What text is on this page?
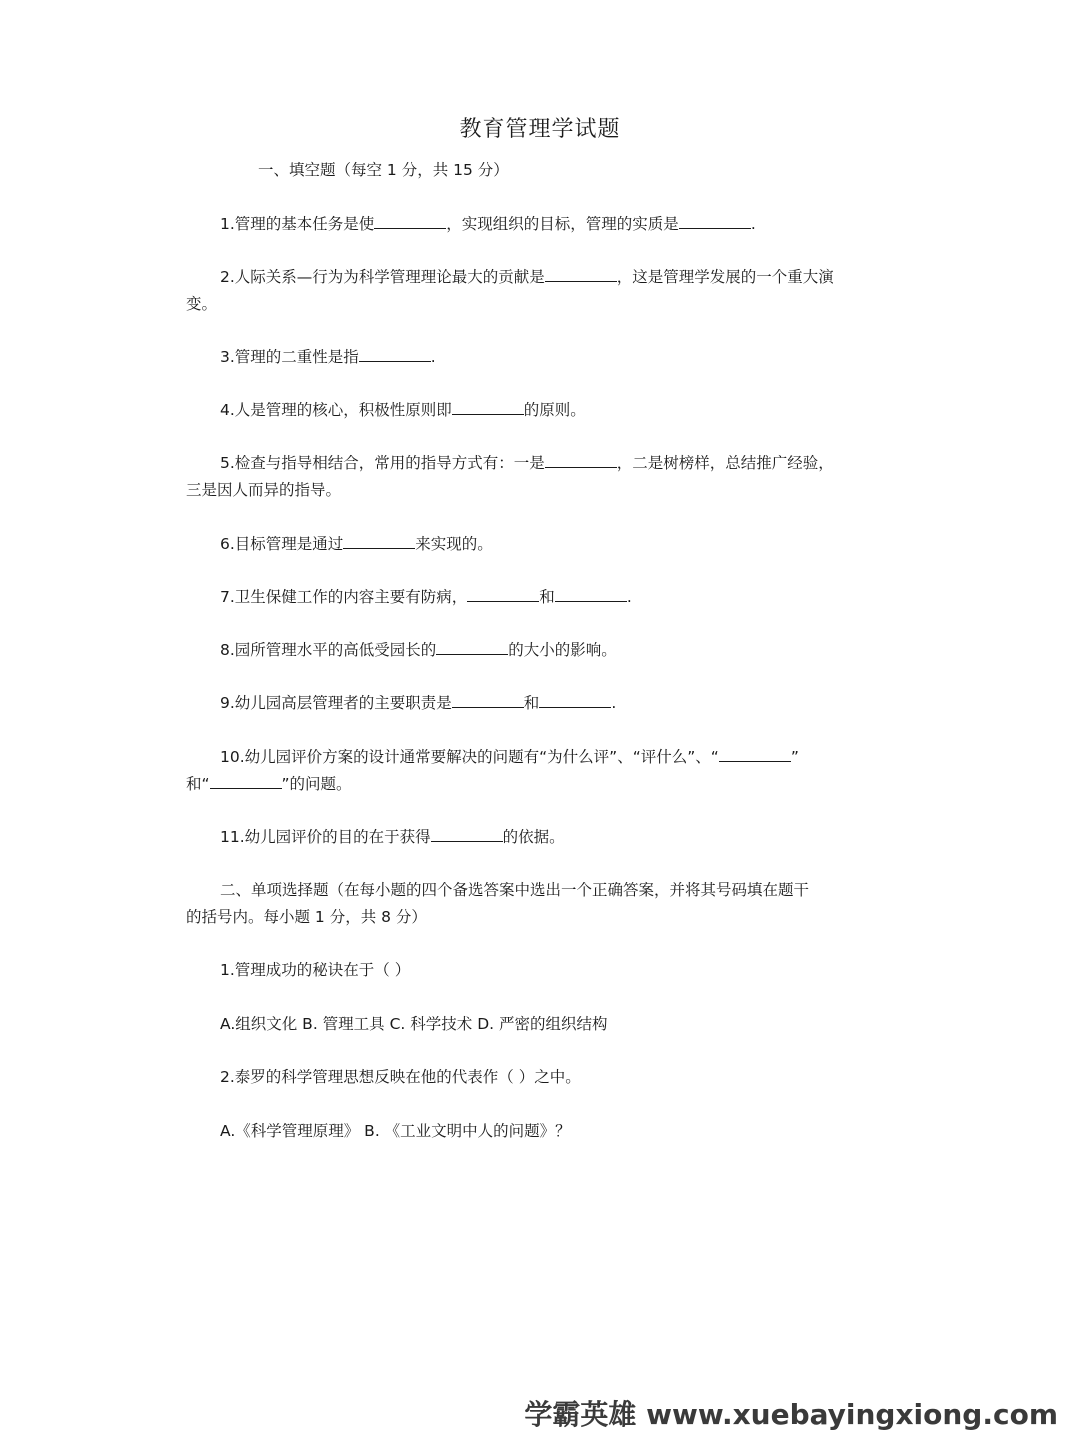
教育管理学试题
一、填空题（每空 1 分，共 15 分）
1.管理的基本任务是使	，实现组织的目标，管理的实质是	.
2.人际关系—行为为科学管理理论最大的贡献是	，这是管理学发展的一个重大演
变。
3.管理的二重性是指	.
4.人是管理的核心，积极性原则即	的原则。
5.检查与指导相结合，常用的指导方式有：一是	，二是树榜样，总结推广经验，
三是因人而异的指导。
6.目标管理是通过	来实现的。
7.卫生保健工作的内容主要有防病，	和	.
8.园所管理水平的高低受园长的	的大小的影响。
9.幼儿园高层管理者的主要职责是	和	.
10.幼儿园评价方案的设计通常要解决的问题有“为什么评”、“评什么”、“	”
和“	”的问题。
11.幼儿园评价的目的在于获得	的依据。
二、单项选择题（在每小题的四个备选答案中选出一个正确答案，并将其号码填在题干
的括号内。每小题 1 分，共 8 分）
1.管理成功的秘诀在于（ ）
A.组织文化 B. 管理工具 C. 科学技术 D. 严密的组织结构
2.泰罗的科学管理思想反映在他的代表作（ ）之中。
A.《科学管理原理》 B. 《工业文明中人的问题》？
学霸英雄 www.xuebayingxiong.com
